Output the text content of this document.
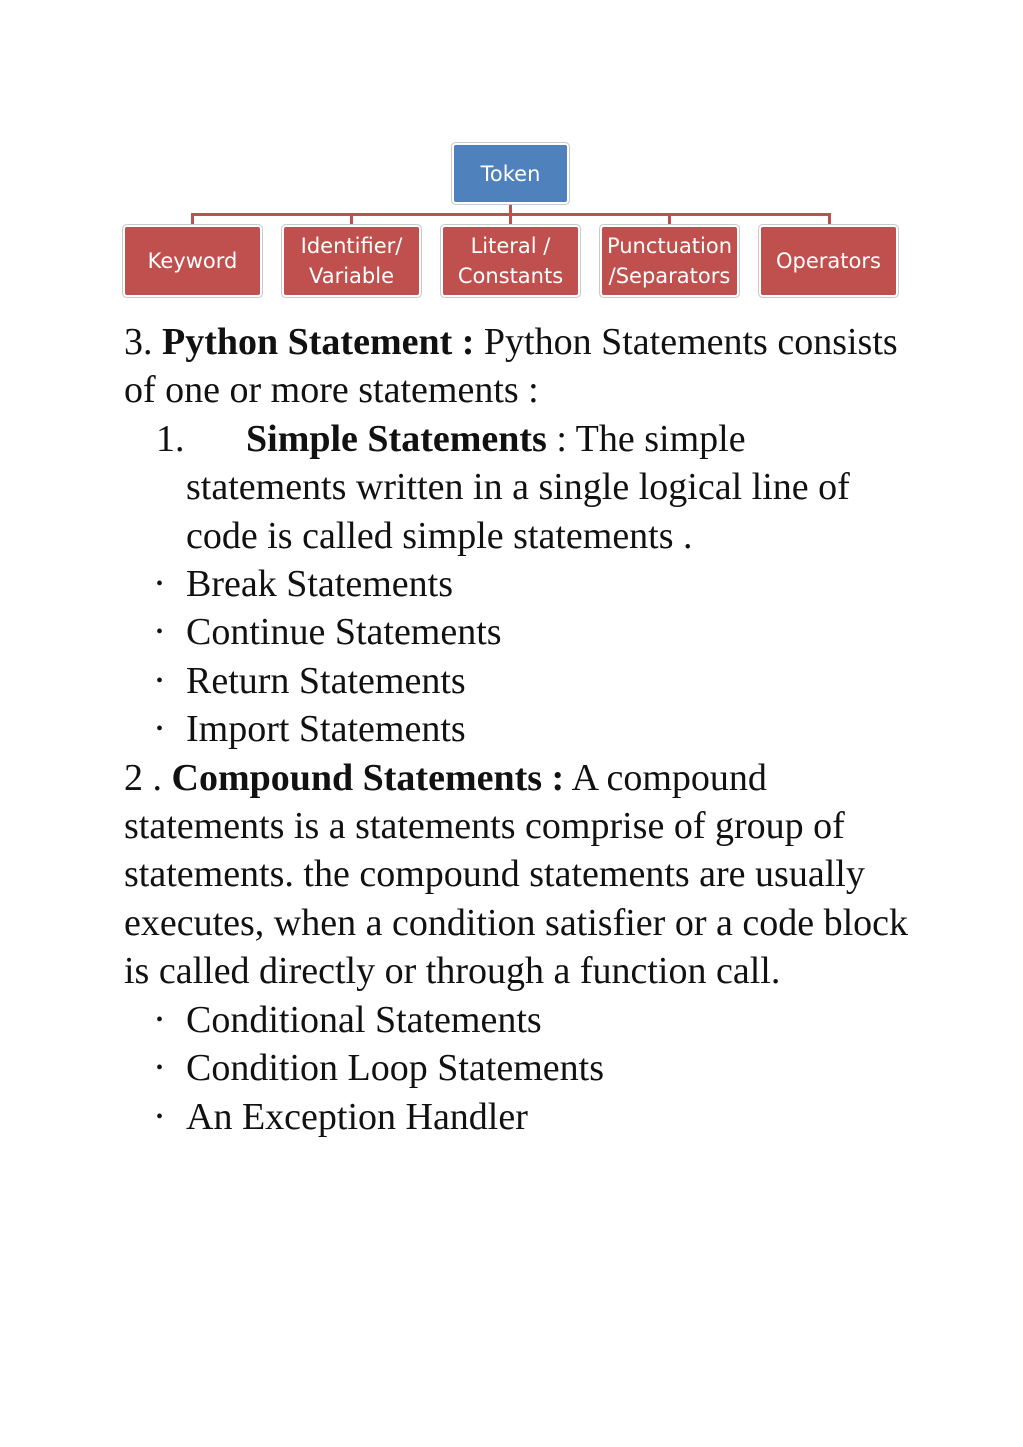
Token
Keyword
Identifier/
Variable
Literal /
Constants
Punctuation
/Separators
Operators

3. Python Statement : Python Statements consists of one or more statements :

1. Simple Statements : The simple statements written in a single logical line of code is called simple statements .

• Break Statements

• Continue Statements

• Return Statements

• Import Statements

2 . Compound Statements : A compound statements is a statements comprise of group of statements. the compound statements are usually executes, when a condition satisfier or a code block is called directly or through a function call.

• Conditional Statements

• Condition Loop Statements

• An Exception Handler
